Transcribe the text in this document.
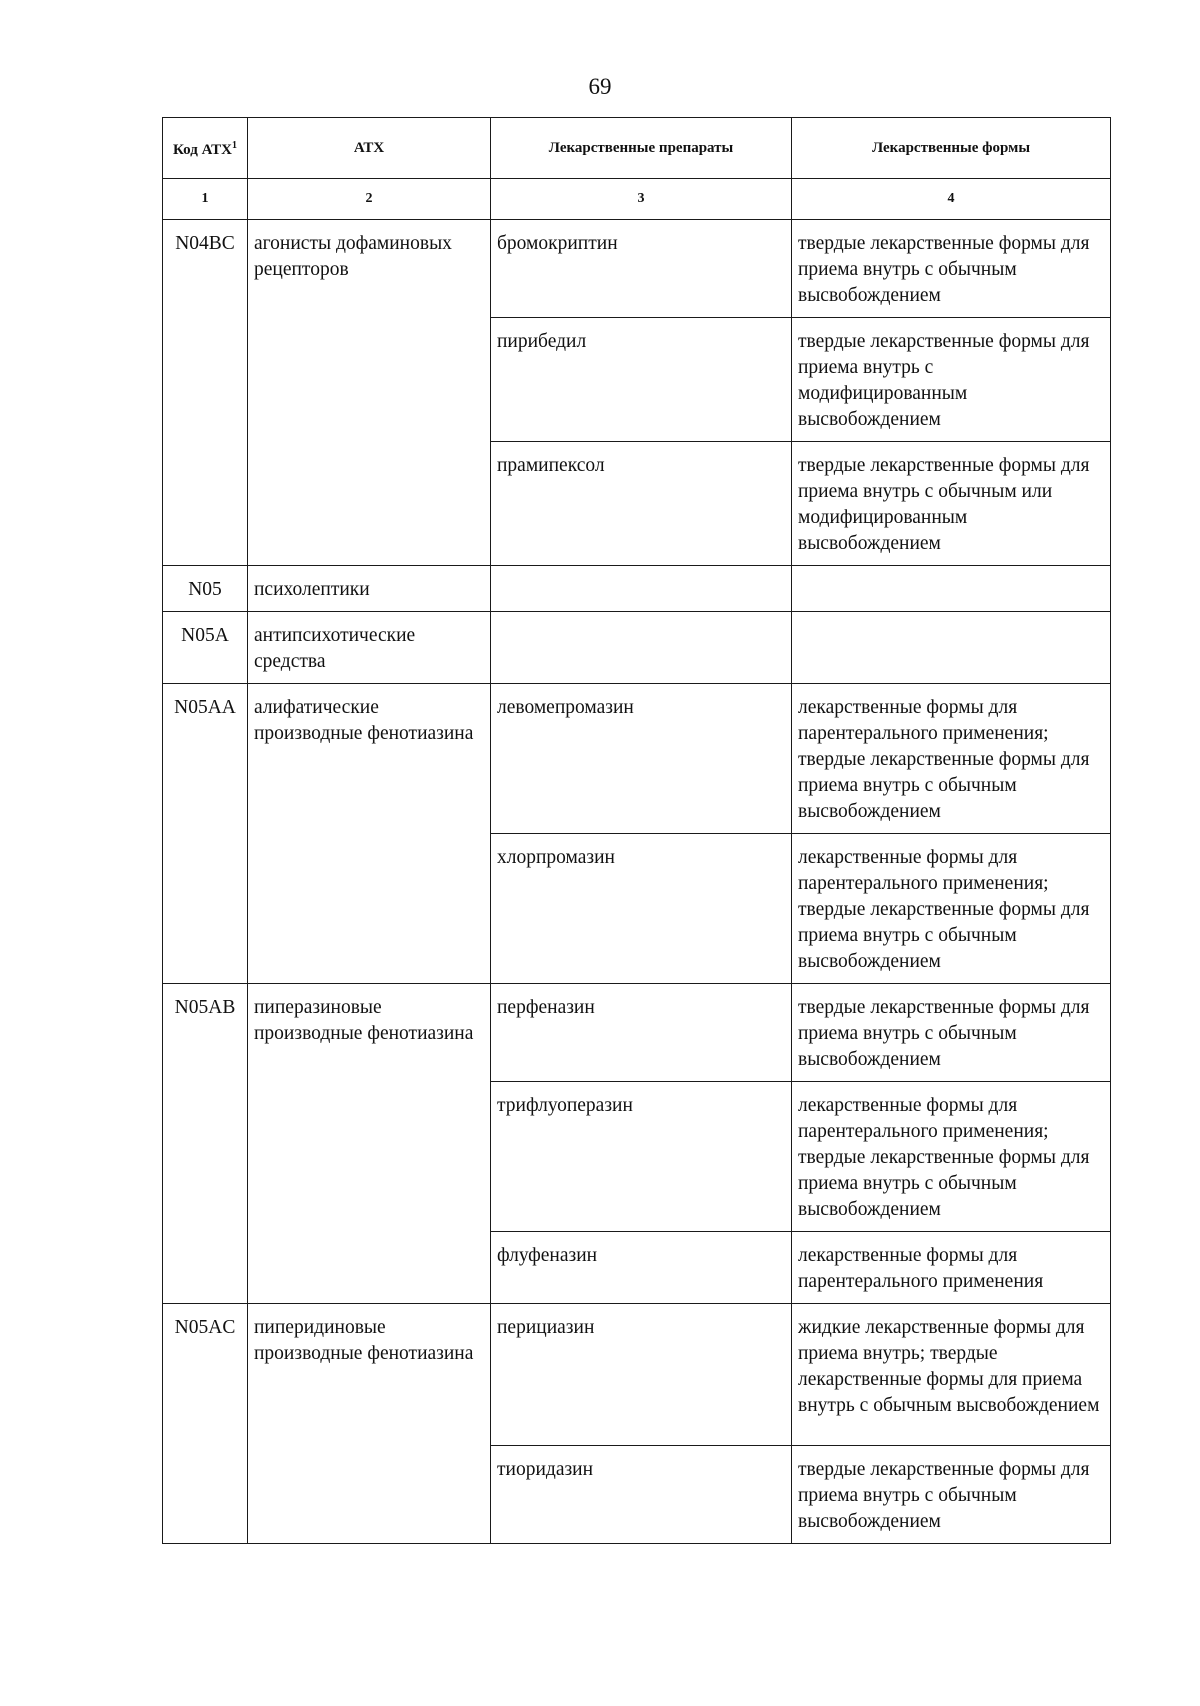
69
Код АТХ$^1$	АТХ	Лекарственные препараты	Лекарственные формы
1	2	3	4
N04BC	агонисты дофаминовых рецепторов	бромокриптин	твердые лекарственные формы для приема внутрь с обычным высвобождением
		пирибедил	твердые лекарственные формы для приема внутрь с модифицированным высвобождением
		прамипексол	твердые лекарственные формы для приема внутрь с обычным или модифицированным высвобождением
N05	психолептики		
N05A	антипсихотические средства		
N05AA	алифатические производные фенотиазина	левомепромазин	лекарственные формы для парентерального применения; твердые лекарственные формы для приема внутрь с обычным высвобождением
		хлорпромазин	лекарственные формы для парентерального применения; твердые лекарственные формы для приема внутрь с обычным высвобождением
N05AB	пиперазиновые производные фенотиазина	перфеназин	твердые лекарственные формы для приема внутрь с обычным высвобождением
		трифлуоперазин	лекарственные формы для парентерального применения; твердые лекарственные формы для приема внутрь с обычным высвобождением
		флуфеназин	лекарственные формы для парентерального применения
N05AC	пиперидиновые производные фенотиазина	перициазин	жидкие лекарственные формы для приема внутрь; твердые лекарственные формы для приема внутрь с обычным высвобождением
		тиоридазин	твердые лекарственные формы для приема внутрь с обычным высвобождением
